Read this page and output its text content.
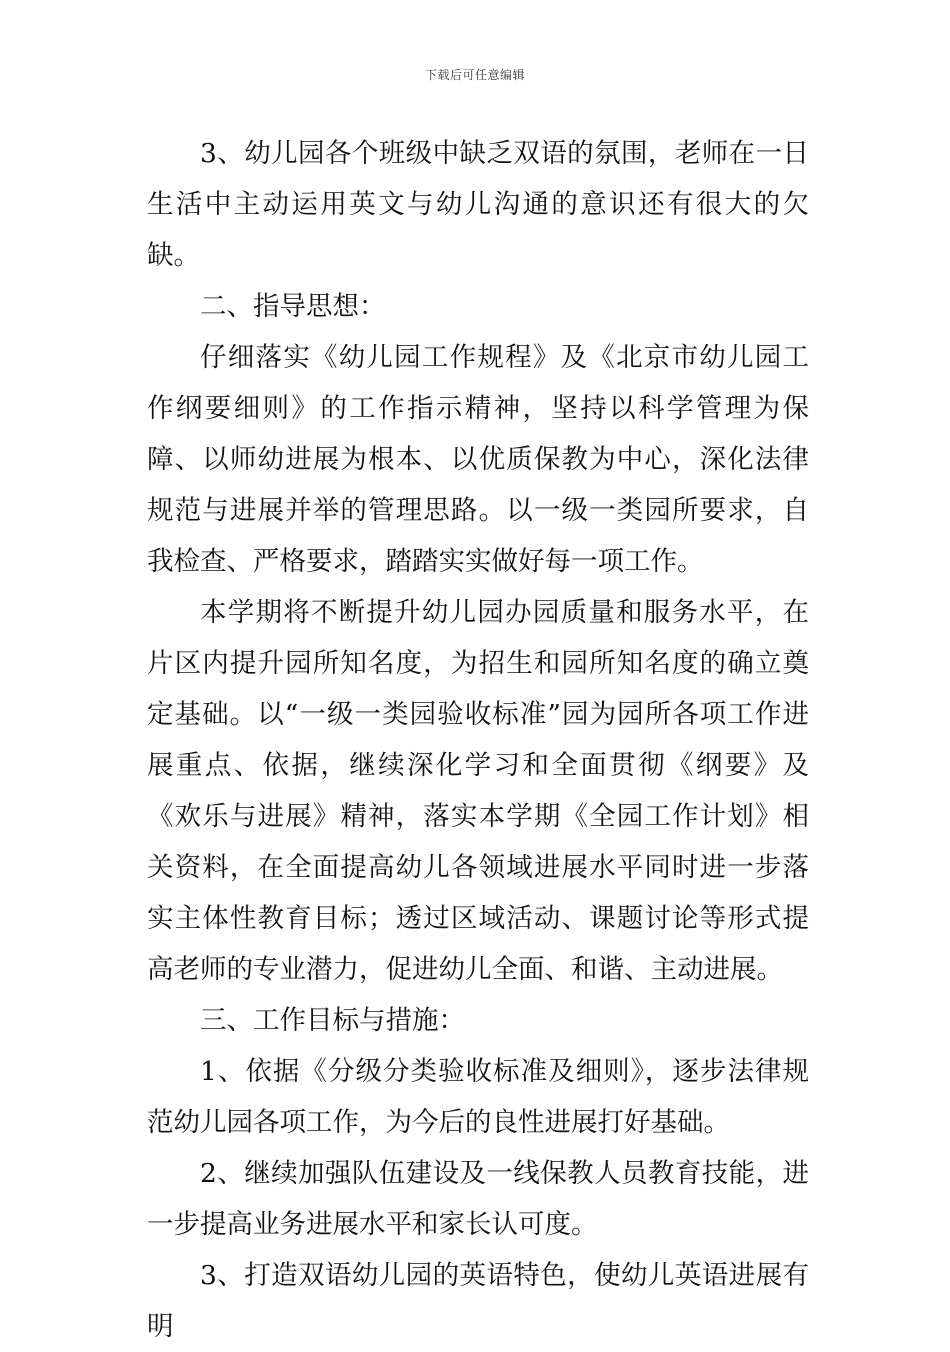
下载后可任意编辑

3、幼儿园各个班级中缺乏双语的氛围，老师在一日生活中主动运用英文与幼儿沟通的意识还有很大的欠缺。

二、指导思想：

仔细落实《幼儿园工作规程》及《北京市幼儿园工作纲要细则》的工作指示精神，坚持以科学管理为保障、以师幼进展为根本、以优质保教为中心，深化法律规范与进展并举的管理思路。以一级一类园所要求，自我检查、严格要求，踏踏实实做好每一项工作。

本学期将不断提升幼儿园办园质量和服务水平，在片区内提升园所知名度，为招生和园所知名度的确立奠定基础。以“一级一类园验收标准”园为园所各项工作进展重点、依据，继续深化学习和全面贯彻《纲要》及《欢乐与进展》精神，落实本学期《全园工作计划》相关资料，在全面提高幼儿各领域进展水平同时进一步落实主体性教育目标；透过区域活动、课题讨论等形式提高老师的专业潜力，促进幼儿全面、和谐、主动进展。

三、工作目标与措施：

1、依据《分级分类验收标准及细则》，逐步法律规范幼儿园各项工作，为今后的良性进展打好基础。

2、继续加强队伍建设及一线保教人员教育技能，进一步提高业务进展水平和家长认可度。

3、打造双语幼儿园的英语特色，使幼儿英语进展有明
